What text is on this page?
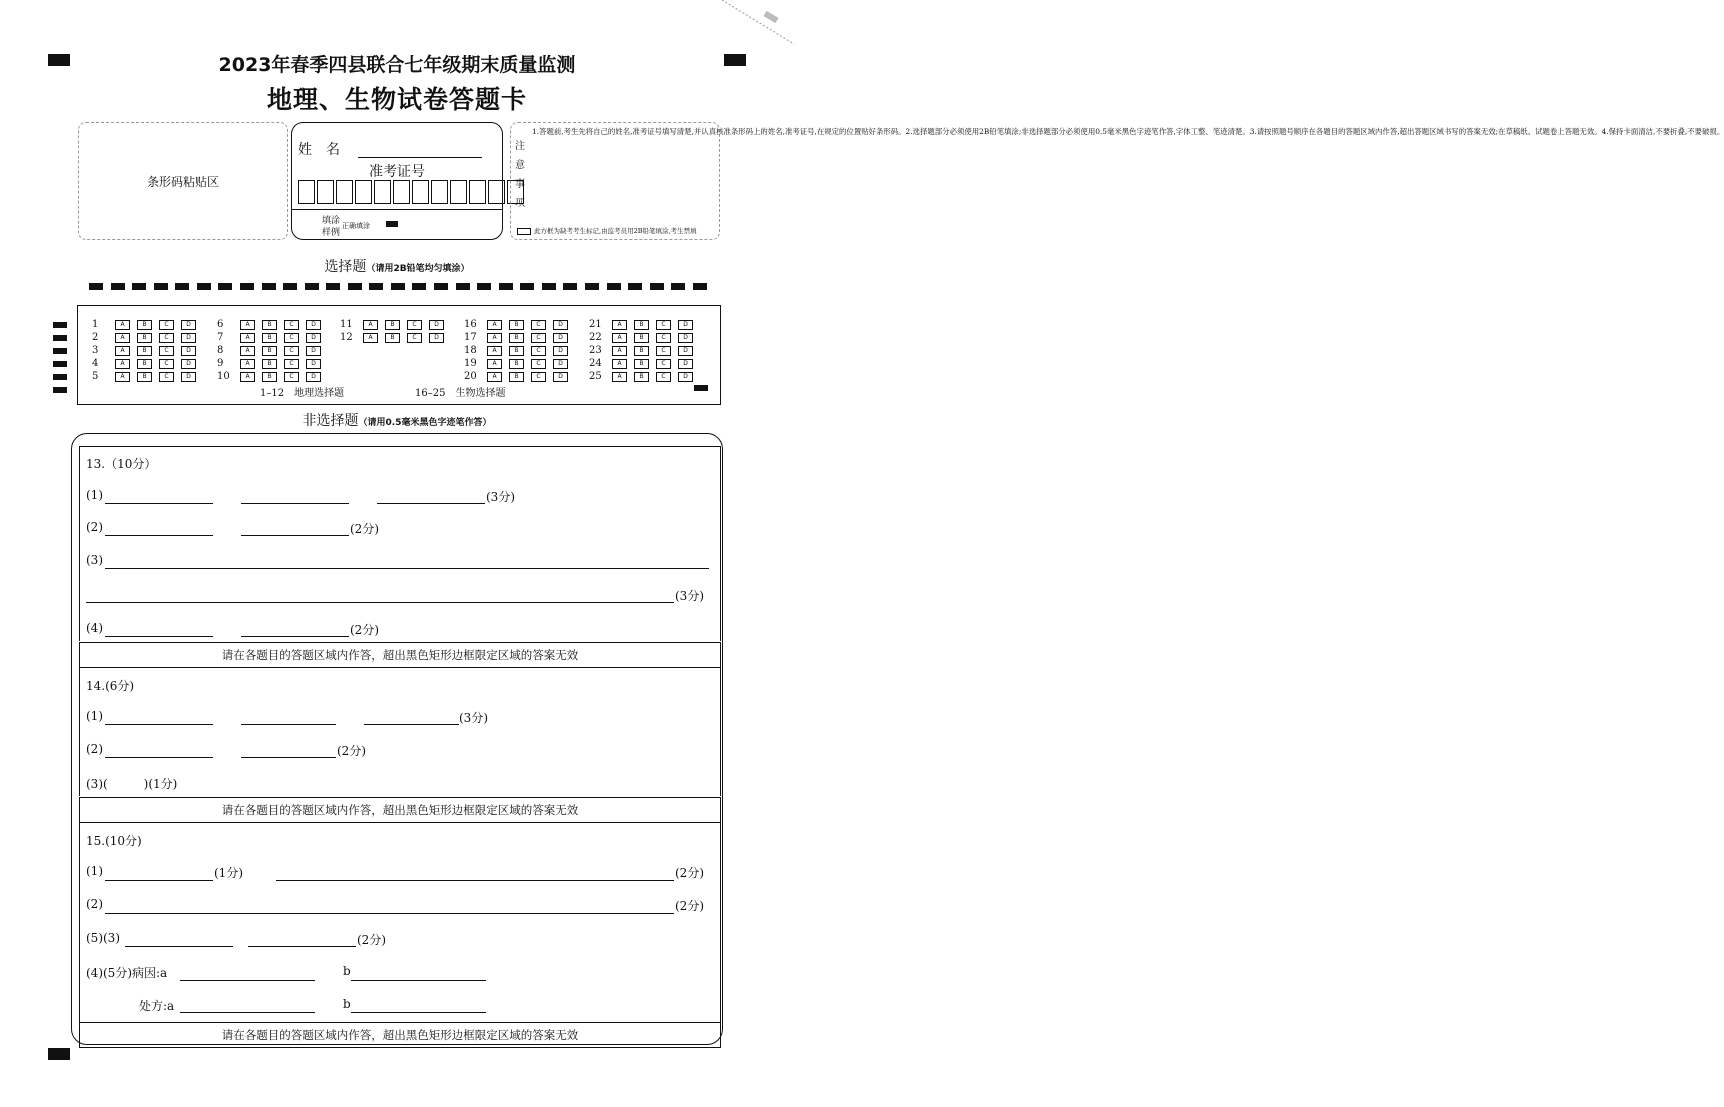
2023年春季四县联合七年级期末质量监测
地理、生物试卷答题卡
条形码粘贴区
姓　名
准考证号
填涂
样例
正确填涂
注意事项
1.答题前,考生先将自己的姓名,准考证号填写清楚,并认真核准条形码上的姓名,准考证号,在规定的位置贴好条形码。2.选择题部分必须使用2B铅笔填涂;非选择题部分必须使用0.5毫米黑色字迹笔作答,字体工整、笔迹清楚。3.请按照题号顺序在各题目的答题区域内作答,超出答题区域书写的答案无效;在草稿纸、试题卷上答题无效。4.保持卡面清洁,不要折叠,不要破损。
此方框为缺考考生标记,由监考员用2B铅笔填涂,考生禁填
选择题（请用2B铅笔均匀填涂）
1–12　地理选择题	16–25　生物选择题
1	A	B	C	D
2	A	B	C	D
3	A	B	C	D
4	A	B	C	D
5	A	B	C	D
6	A	B	C	D
7	A	B	C	D
8	A	B	C	D
9	A	B	C	D
10	A	B	C	D
11	A	B	C	D
12	A	B	C	D
16	A	B	C	D
17	A	B	C	D
18	A	B	C	D
19	A	B	C	D
20	A	B	C	D
21	A	B	C	D
22	A	B	C	D
23	A	B	C	D
24	A	B	C	D
25	A	B	C	D
非选择题（请用0.5毫米黑色字迹笔作答）
13.（10分）
(1)	(3分)
(2)	(2分)
(3)
(3分)
(4)	(2分)
请在各题目的答题区域内作答，超出黑色矩形边框限定区域的答案无效
14.(6分)
(1)	(3分)
(2)	(2分)
(3)(　　　)(1分)
请在各题目的答题区域内作答，超出黑色矩形边框限定区域的答案无效
15.(10分)
(1)	(1分)	(2分)
(2)	(2分)
(5)(3)	(2分)
(4)(5分)病因:a	b
处方:a	b
请在各题目的答题区域内作答，超出黑色矩形边框限定区域的答案无效
